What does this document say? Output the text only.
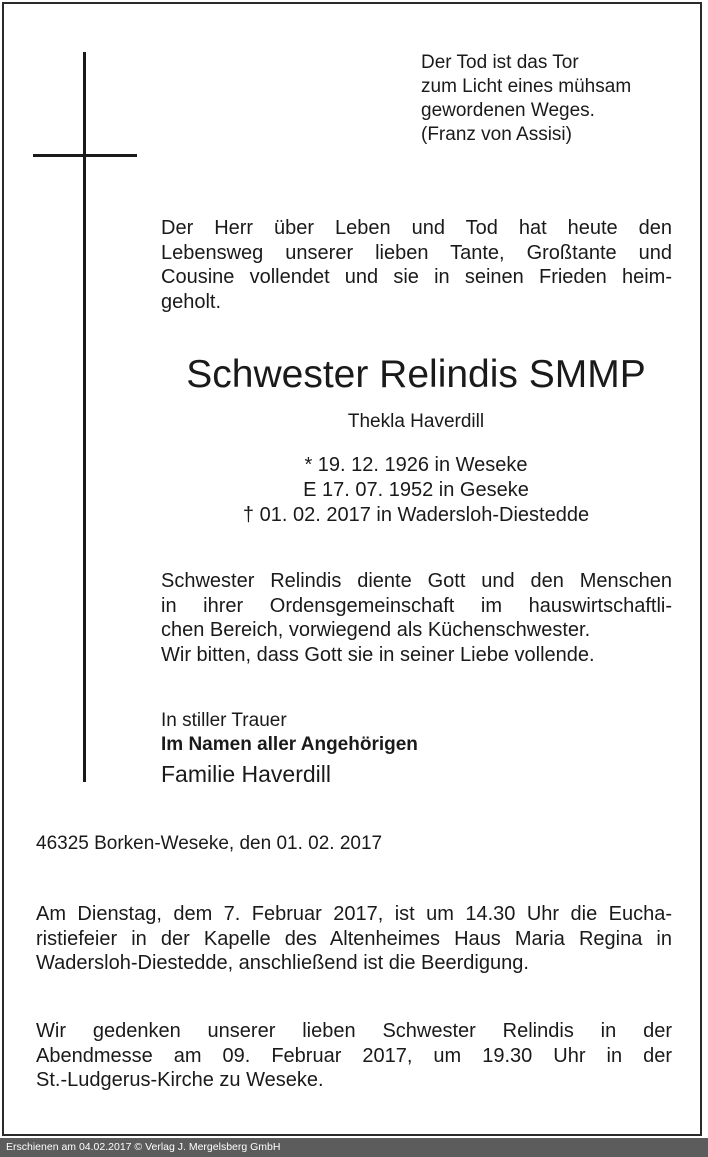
Der Tod ist das Tor
zum Licht eines mühsam
gewordenen Weges.
(Franz von Assisi)
Der Herr über Leben und Tod hat heute den
Lebensweg unserer lieben Tante, Großtante und
Cousine vollendet und sie in seinen Frieden heim-
geholt.
Schwester Relindis SMMP
Thekla Haverdill
* 19. 12. 1926 in Weseke
E 17. 07. 1952 in Geseke
† 01. 02. 2017 in Wadersloh-Diestedde
Schwester Relindis diente Gott und den Menschen
in ihrer Ordensgemeinschaft im hauswirtschaftli-
chen Bereich, vorwiegend als Küchenschwester.
Wir bitten, dass Gott sie in seiner Liebe vollende.
In stiller Trauer
Im Namen aller Angehörigen
Familie Haverdill
46325 Borken-Weseke, den 01. 02. 2017
Am Dienstag, dem 7. Februar 2017, ist um 14.30 Uhr die Eucha-
ristiefeier in der Kapelle des Altenheimes Haus Maria Regina in
Wadersloh-Diestedde, anschließend ist die Beerdigung.
Wir gedenken unserer lieben Schwester Relindis in der
Abendmesse am 09. Februar 2017, um 19.30 Uhr in der
St.-Ludgerus-Kirche zu Weseke.
Erschienen am 04.02.2017 © Verlag J. Mergelsberg GmbH
